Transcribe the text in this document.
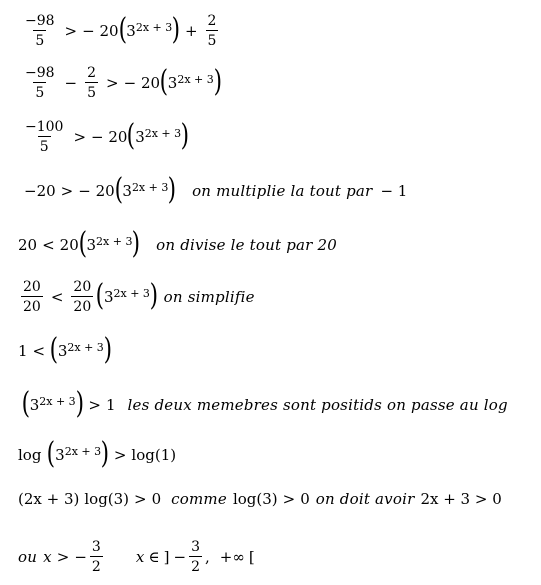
$\frac{-98}{5}$ > − 20 ( $3^{2x + 3}$ ) + $\frac{2}{5}$
$\frac{-98}{5} - \frac{2}{5}$ > − 20 ( $3^{2x + 3}$ )
$\frac{-100}{5}$ > − 20 ( $3^{2x + 3}$ )
−20 > − 20 ( $3^{2x + 3}$ ) on multiplie la tout par − 1
20 < 20 ( $3^{2x + 3}$ ) on divise le tout par 20
$\frac{20}{20} < \frac{20}{20}$ ( $3^{2x + 3}$ ) on simplifie
1 < ( $3^{2x + 3}$ )
( $3^{2x + 3}$ ) > 1 les deux memebres sont positids on passe au log
log ( $3^{2x + 3}$ ) > log(1)
(2x + 3) log(3) > 0 comme log(3) > 0 on doit avoir 2x + 3 > 0
ou x > − $\frac{3}{2}$ x ∈ ] − $\frac{3}{2}$ , +∞ [
